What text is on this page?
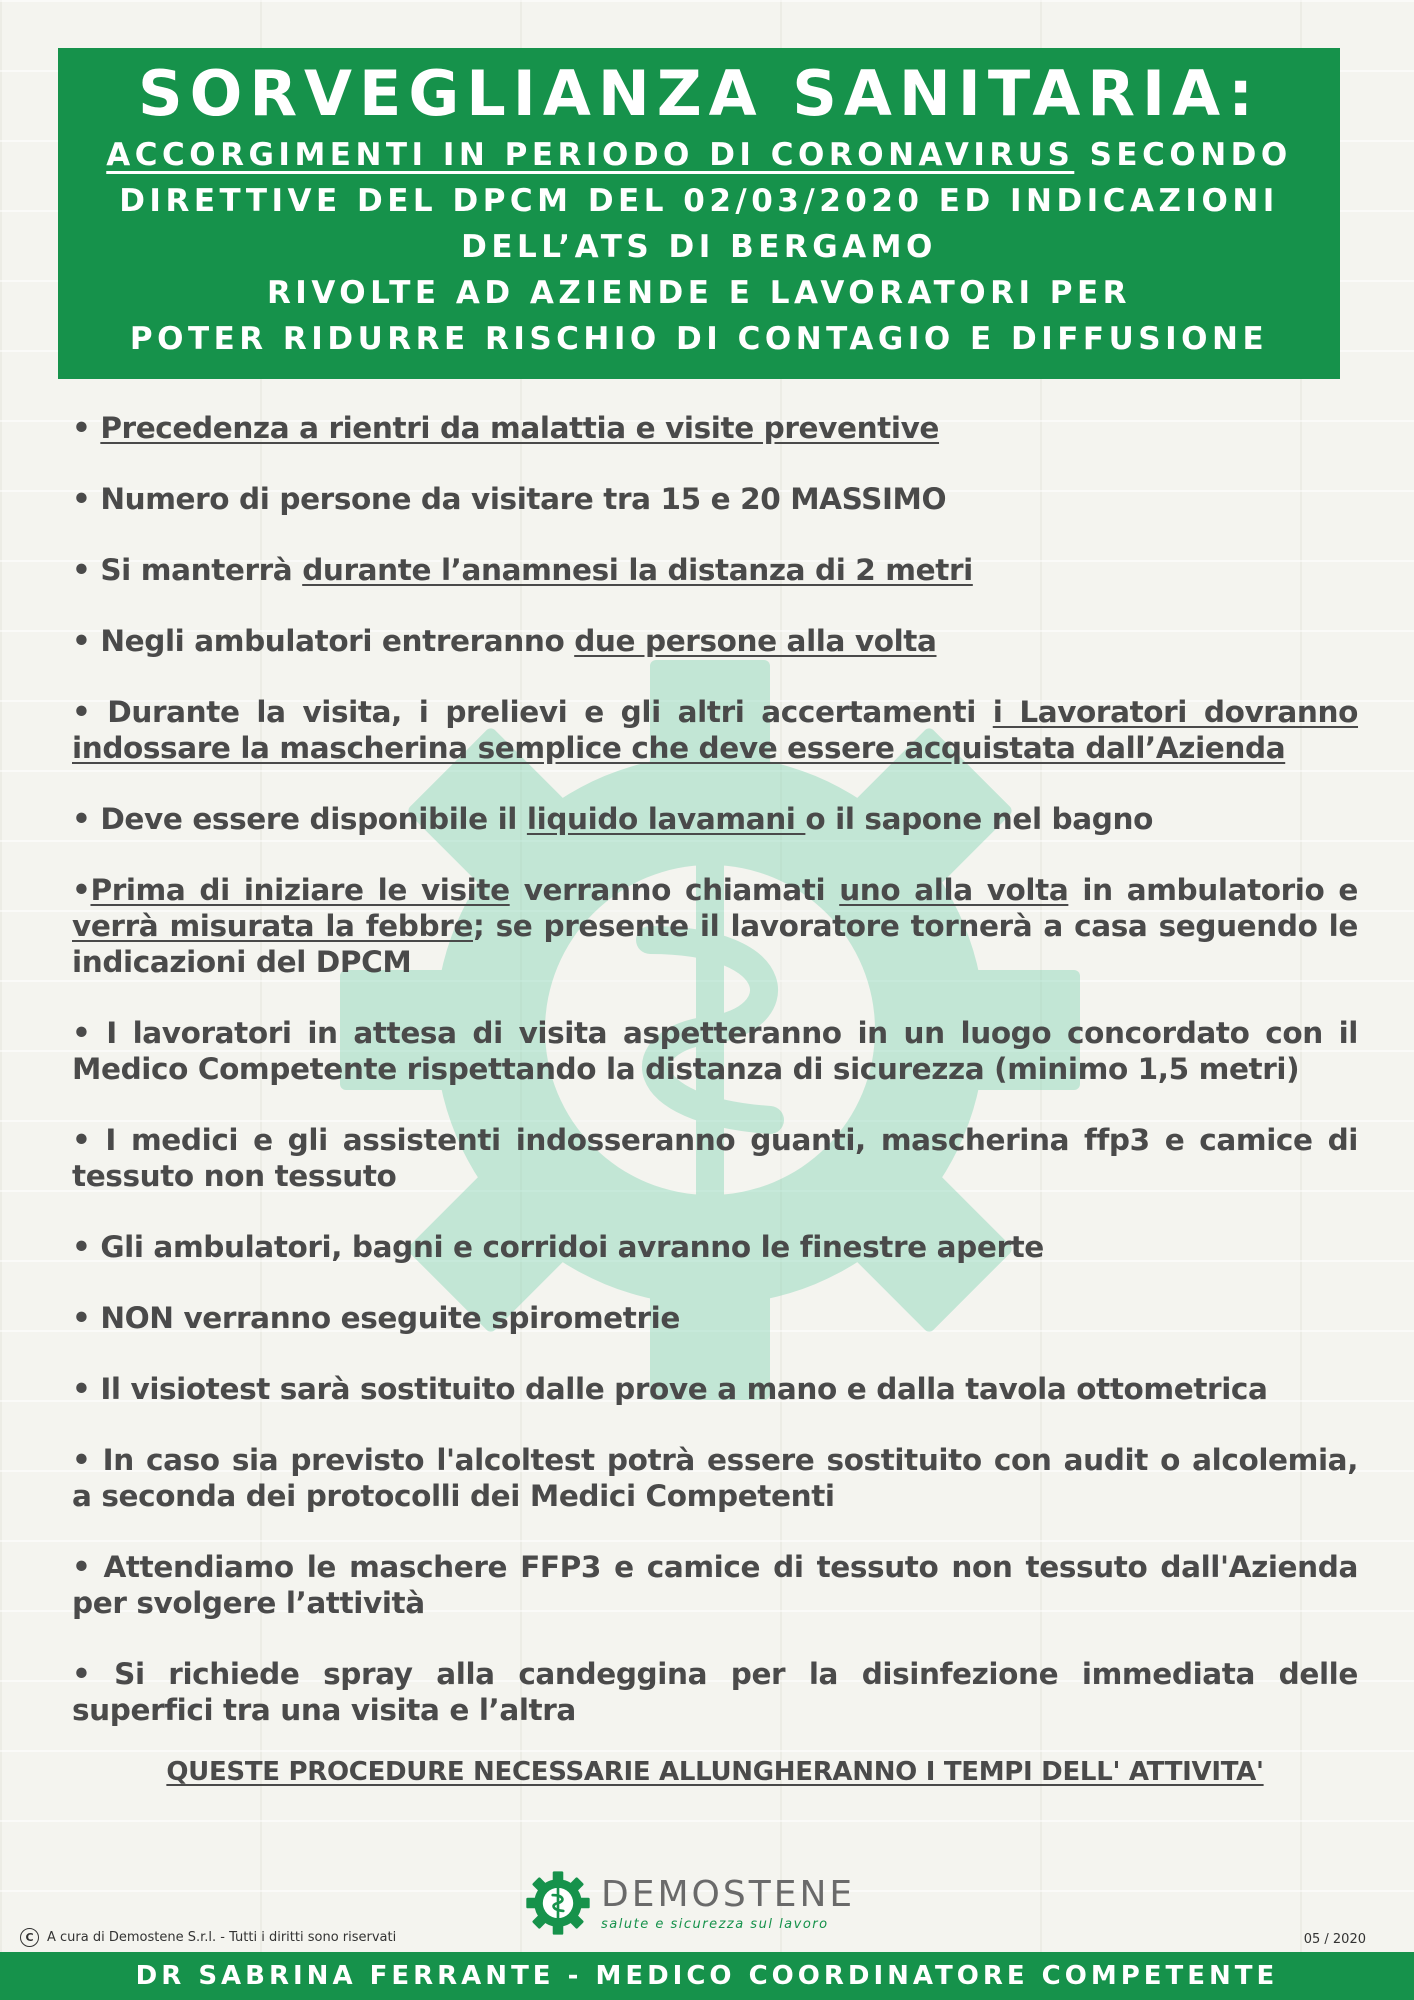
SORVEGLIANZA SANITARIA:
ACCORGIMENTI IN PERIODO DI CORONAVIRUS SECONDO
DIRETTIVE DEL DPCM DEL 02/03/2020 ED INDICAZIONI
DELL’ATS DI BERGAMO
RIVOLTE AD AZIENDE E LAVORATORI PER
POTER RIDURRE RISCHIO DI CONTAGIO E DIFFUSIONE
• Precedenza a rientri da malattia e visite preventive
• Numero di persone da visitare tra 15 e 20 MASSIMO
• Si manterrà durante l’anamnesi la distanza di 2 metri
• Negli ambulatori entreranno due persone alla volta
• Durante la visita, i prelievi e gli altri accertamenti i Lavoratori dovranno indossare la mascherina semplice che deve essere acquistata dall’Azienda
• Deve essere disponibile il liquido lavamani o il sapone nel bagno
•Prima di iniziare le visite verranno chiamati uno alla volta in ambulatorio e verrà misurata la febbre; se presente il lavoratore tornerà a casa seguendo le indicazioni del DPCM
• I lavoratori in attesa di visita aspetteranno in un luogo concordato con il Medico Competente rispettando la distanza di sicurezza (minimo 1,5 metri)
• I medici e gli assistenti indosseranno guanti, mascherina ffp3 e camice di tessuto non tessuto
• Gli ambulatori, bagni e corridoi avranno le finestre aperte
• NON verranno eseguite spirometrie
• Il visiotest sarà sostituito dalle prove a mano e dalla tavola ottometrica
• In caso sia previsto l'alcoltest potrà essere sostituito con audit o alcolemia, a seconda dei protocolli dei Medici Competenti
• Attendiamo le maschere FFP3 e camice di tessuto non tessuto dall'Azienda per svolgere l’attività
• Si richiede spray alla candeggina per la disinfezione immediata delle superfici tra una visita e l’altra
QUESTE PROCEDURE NECESSARIE ALLUNGHERANNO I TEMPI DELL' ATTIVITA'
DEMOSTENE
salute e sicurezza sul lavoro
C	A cura di Demostene S.r.l. - Tutti i diritti sono riservati	05 / 2020
DR SABRINA FERRANTE - MEDICO COORDINATORE COMPETENTE
